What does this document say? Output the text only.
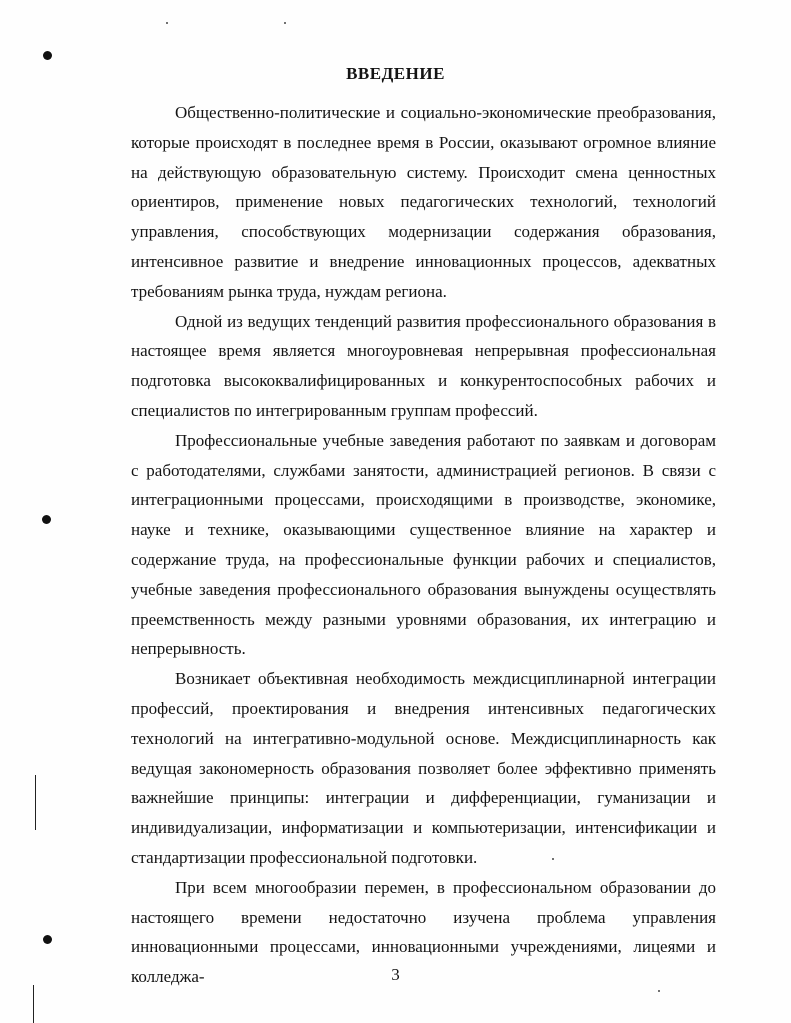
ВВЕДЕНИЕ

Общественно-политические и социально-экономические преобразования, которые происходят в последнее время в России, оказывают огромное влияние на действующую образовательную систему. Происходит смена ценностных ориентиров, применение новых педагогических технологий, технологий управления, способствующих модернизации содержания образования, интенсивное развитие и внедрение инновационных процессов, адекватных требованиям рынка труда, нуждам региона.

Одной из ведущих тенденций развития профессионального образования в настоящее время является многоуровневая непрерывная профессиональная подготовка высококвалифицированных и конкурентоспособных рабочих и специалистов по интегрированным группам профессий.

Профессиональные учебные заведения работают по заявкам и договорам с работодателями, службами занятости, администрацией регионов. В связи с интеграционными процессами, происходящими в производстве, экономике, науке и технике, оказывающими существенное влияние на характер и содержание труда, на профессиональные функции рабочих и специалистов, учебные заведения профессионального образования вынуждены осуществлять преемственность между разными уровнями образования, их интеграцию и непрерывность.

Возникает объективная необходимость междисциплинарной интеграции профессий, проектирования и внедрения интенсивных педагогических технологий на интегративно-модульной основе. Междисциплинарность как ведущая закономерность образования позволяет более эффективно применять важнейшие принципы: интеграции и дифференциации, гуманизации и индивидуализации, информатизации и компьютеризации, интенсификации и стандартизации профессиональной подготовки.

При всем многообразии перемен, в профессиональном образовании до настоящего времени недостаточно изучена проблема управления инновационными процессами, инновационными учреждениями, лицеями и колледжа-	3
